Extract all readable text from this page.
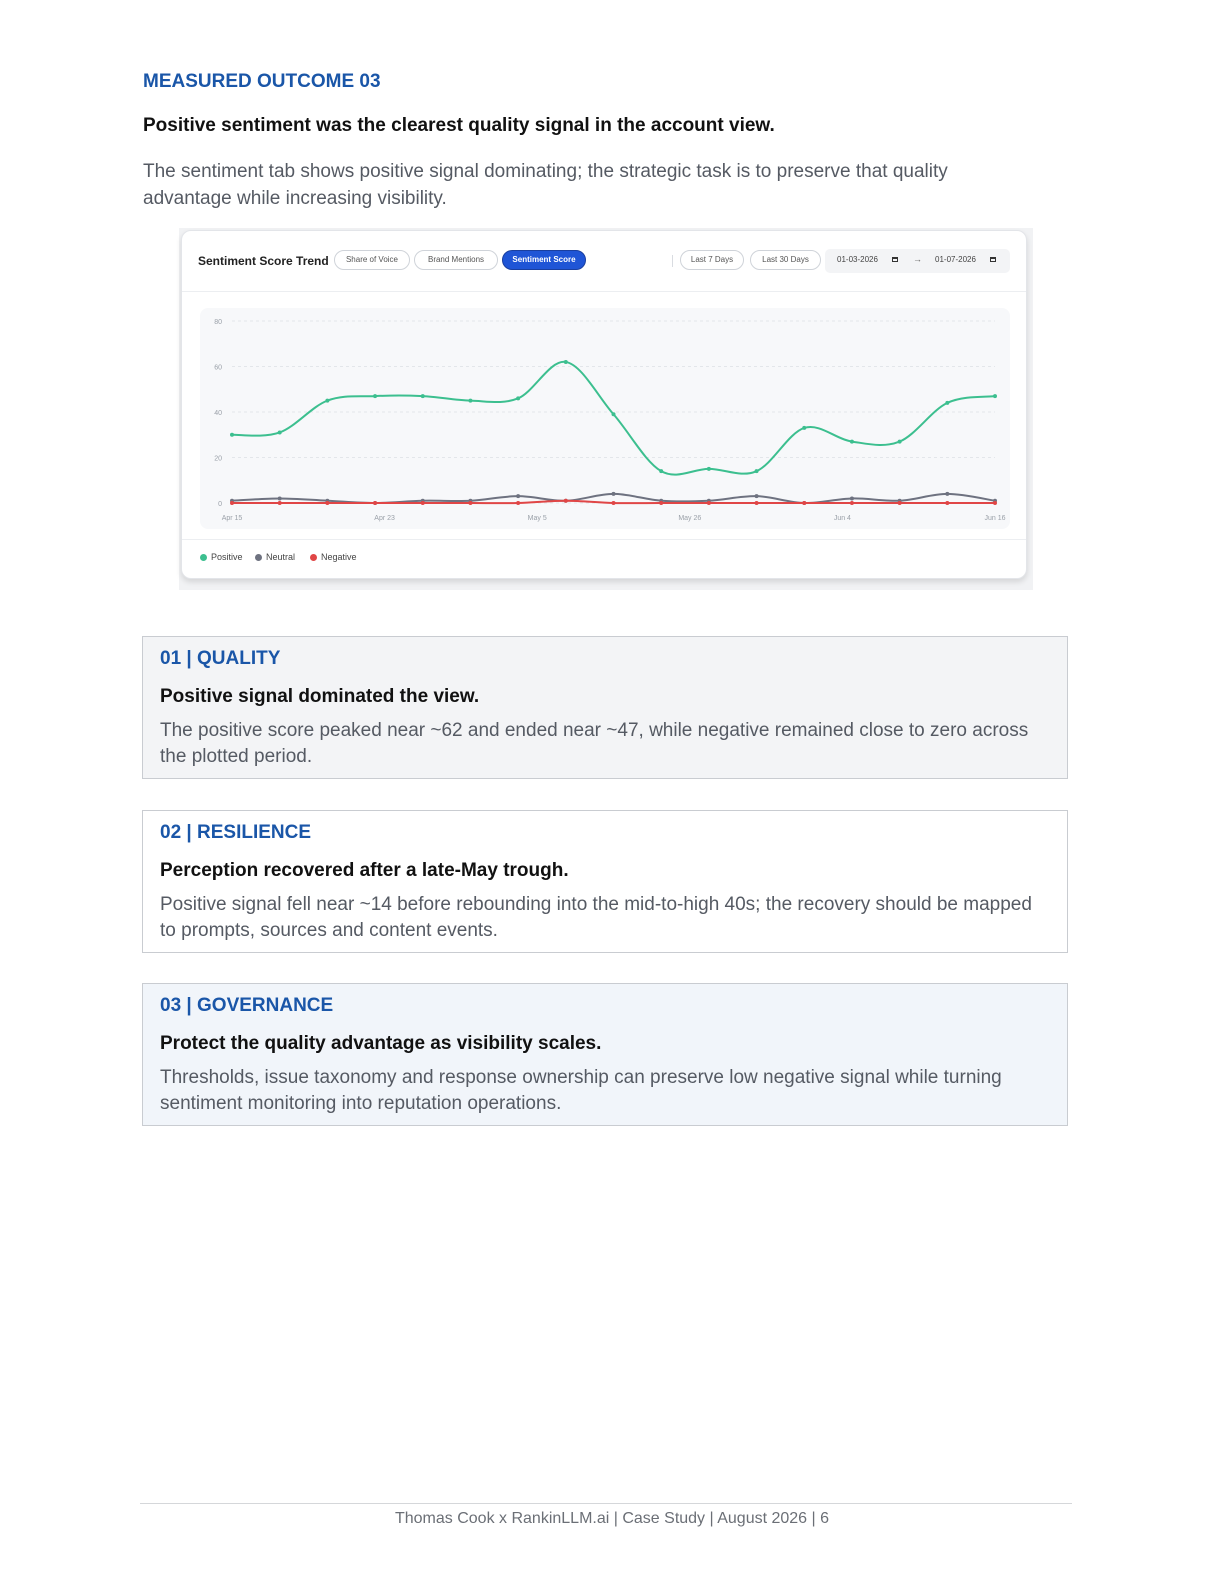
MEASURED OUTCOME 03
Positive sentiment was the clearest quality signal in the account view.
The sentiment tab shows positive signal dominating; the strategic task is to preserve that quality advantage while increasing visibility.
Sentiment Score Trend	Share of Voice	Brand Mentions	Sentiment Score	Last 7 Days	Last 30 Days	01-03-2026	→ 01-07-2026
0
20
40
60
80
Apr 15	Apr 23	May 5	May 26	Jun 4	Jun 16
Positive	Neutral	Negative
01 | QUALITY
Positive signal dominated the view.
The positive score peaked near ~62 and ended near ~47, while negative remained close to zero across the plotted period.
02 | RESILIENCE
Perception recovered after a late-May trough.
Positive signal fell near ~14 before rebounding into the mid-to-high 40s; the recovery should be mapped to prompts, sources and content events.
03 | GOVERNANCE
Protect the quality advantage as visibility scales.
Thresholds, issue taxonomy and response ownership can preserve low negative signal while turning sentiment monitoring into reputation operations.
Thomas Cook x RankinLLM.ai | Case Study | August 2026 | 6
